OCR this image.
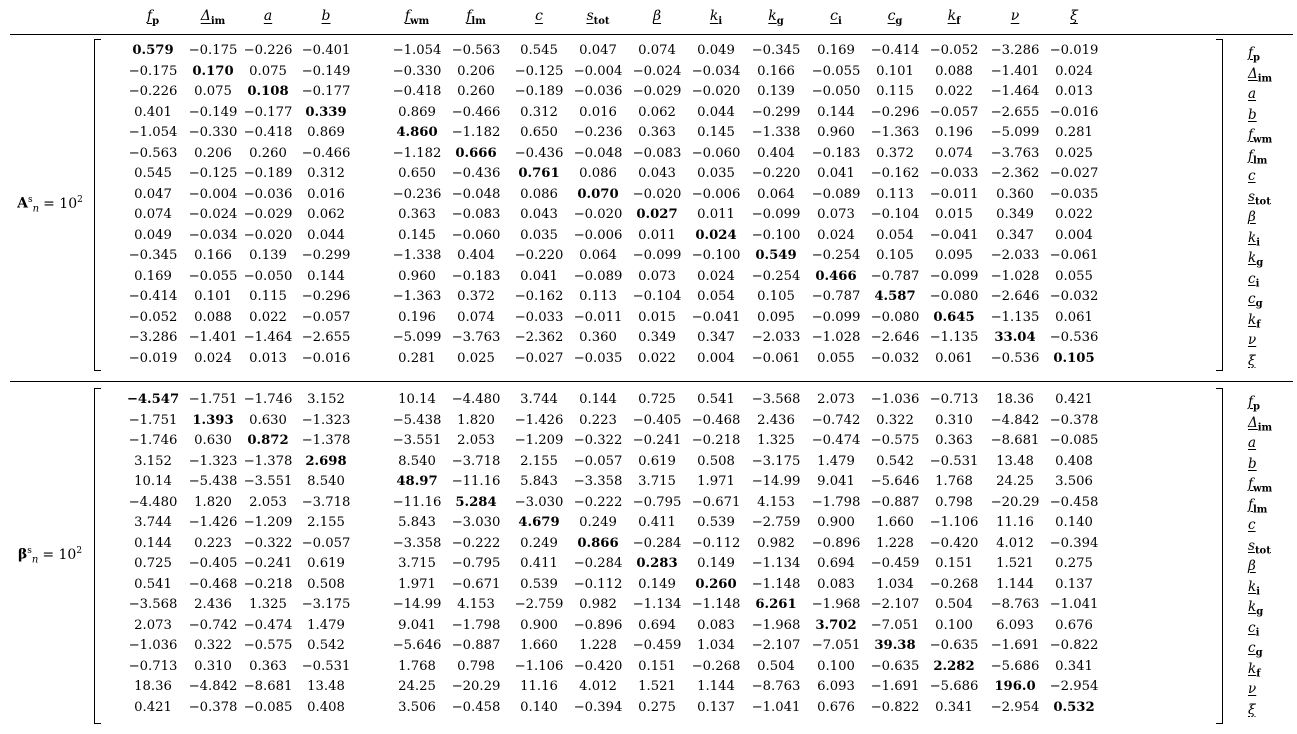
$f_p$	$\Delta_{im}$	a	b	$f_{wm}$	$f_{lm}$	c	$s_{tot}$	β	$k_i$	$k_g$	$c_i$	$c_g$	$k_f$	ν	ξ
$A^s_n = 10^2$
0.579	−0.175 −0.226 −0.401	−1.054 −0.563	0.545	0.047	0.074	0.049	−0.345	0.169	−0.414 −0.052 −3.286 −0.019	$f_p$
−0.175	0.170	0.075	−0.149	−0.330	0.206	−0.125 −0.004 −0.024 −0.034	0.166	−0.055	0.101	0.088	−1.401	0.024	$\Delta_{im}$
−0.226	0.075	0.108 −0.177	−0.418	0.260	−0.189 −0.036 −0.029 −0.020	0.139	−0.050	0.115	0.022	−1.464	0.013	a
0.401	−0.149 −0.177 0.339	0.869	−0.466	0.312	0.016	0.062	0.044	−0.299	0.144	−0.296 −0.057 −2.655 −0.016	b
−1.054 −0.330 −0.418	0.869	4.860	−1.182	0.650	−0.236	0.363	0.145	−1.338	0.960	−1.363	0.196	−5.099	0.281	$f_{wm}$
−0.563	0.206	0.260	−0.466	−1.182	0.666	−0.436 −0.048 −0.083 −0.060	0.404	−0.183	0.372	0.074	−3.763	0.025	$f_{lm}$
0.545	−0.125 −0.189	0.312	0.650	−0.436	0.761	0.086	0.043	0.035	−0.220	0.041	−0.162 −0.033 −2.362 −0.027	c
0.047	−0.004 −0.036	0.016	−0.236 −0.048	0.086	0.070	−0.020 −0.006	0.064	−0.089	0.113	−0.011	0.360	−0.035	$s_{tot}$
0.074	−0.024 −0.029	0.062	0.363	−0.083	0.043	−0.020	0.027	0.011	−0.099	0.073	−0.104	0.015	0.349	0.022	β
0.049	−0.034 −0.020	0.044	0.145	−0.060	0.035	−0.006	0.011	0.024	−0.100	0.024	0.054	−0.041	0.347	0.004	$k_i$
−0.345	0.166	0.139	−0.299	−1.338	0.404	−0.220	0.064	−0.099 −0.100	0.549	−0.254	0.105	0.095	−2.033 −0.061	$k_g$
0.169	−0.055 −0.050	0.144	0.960	−0.183	0.041	−0.089	0.073	0.024	−0.254	0.466	−0.787 −0.099 −1.028	0.055	$c_i$
−0.414	0.101	0.115	−0.296	−1.363	0.372	−0.162	0.113	−0.104	0.054	0.105	−0.787	4.587	−0.080 −2.646 −0.032	$c_g$
−0.052	0.088	0.022	−0.057	0.196	0.074	−0.033 −0.011	0.015	−0.041	0.095	−0.099 −0.080	0.645	−1.135	0.061	$k_f$
−3.286 −1.401 −1.464 −2.655	−5.099 −3.763	−2.362	0.360	0.349	0.347	−2.033 −1.028 −2.646 −1.135	33.04	−0.536	ν
−0.019	0.024	0.013	−0.016	0.281	0.025	−0.027 −0.035	0.022	0.004	−0.061	0.055	−0.032	0.061	−0.536	0.105	ξ
$\beta^s_n = 10^2$
−4.547 −1.751 −1.746	3.152	10.14	−4.480	3.744	0.144	0.725	0.541	−3.568	2.073	−1.036 −0.713	18.36	0.421	$f_p$
−1.751	1.393	0.630	−1.323	−5.438	1.820	−1.426	0.223	−0.405 −0.468	2.436	−0.742	0.322	0.310	−4.842 −0.378	$\Delta_{im}$
−1.746	0.630	0.872 −1.378	−3.551	2.053	−1.209 −0.322 −0.241 −0.218	1.325	−0.474 −0.575	0.363	−8.681 −0.085	a
3.152	−1.323 −1.378 2.698	8.540	−3.718	2.155	−0.057	0.619	0.508	−3.175	1.479	0.542	−0.531	13.48	0.408	b
10.14	−5.438 −3.551	8.540	48.97	−11.16	5.843	−3.358	3.715	1.971	−14.99	9.041	−5.646	1.768	24.25	3.506	$f_{wm}$
−4.480	1.820	2.053	−3.718	−11.16	5.284	−3.030 −0.222 −0.795 −0.671	4.153	−1.798 −0.887	0.798	−20.29 −0.458	$f_{lm}$
3.744	−1.426 −1.209	2.155	5.843	−3.030	4.679	0.249	0.411	0.539	−2.759	0.900	1.660	−1.106	11.16	0.140	c
0.144	0.223 −0.322 −0.057	−3.358 −0.222	0.249	0.866	−0.284 −0.112	0.982	−0.896	1.228	−0.420	4.012	−0.394	$s_{tot}$
0.725	−0.405 −0.241	0.619	3.715	−0.795	0.411	−0.284	0.283	0.149	−1.134	0.694	−0.459	0.151	1.521	0.275	β
0.541	−0.468 −0.218	0.508	1.971	−0.671	0.539	−0.112	0.149	0.260	−1.148	0.083	1.034	−0.268	1.144	0.137	$k_i$
−3.568	2.436	1.325	−3.175	−14.99	4.153	−2.759	0.982	−1.134 −1.148	6.261	−1.968 −2.107	0.504	−8.763 −1.041	$k_g$
2.073	−0.742 −0.474	1.479	9.041	−1.798	0.900	−0.896	0.694	0.083	−1.968	3.702	−7.051	0.100	6.093	0.676	$c_i$
−1.036	0.322 −0.575	0.542	−5.646 −0.887	1.660	1.228	−0.459	1.034	−2.107 −7.051	39.38	−0.635 −1.691 −0.822	$c_g$
−0.713	0.310	0.363	−0.531	1.768	0.798	−1.106 −0.420	0.151	−0.268	0.504	0.100	−0.635	2.282	−5.686	0.341	$k_f$
18.36	−4.842 −8.681	13.48	24.25	−20.29	11.16	4.012	1.521	1.144	−8.763	6.093	−1.691 −5.686	196.0	−2.954	ν
0.421	−0.378 −0.085	0.408	3.506	−0.458	0.140	−0.394	0.275	0.137	−1.041	0.676	−0.822	0.341	−2.954	0.532	ξ
